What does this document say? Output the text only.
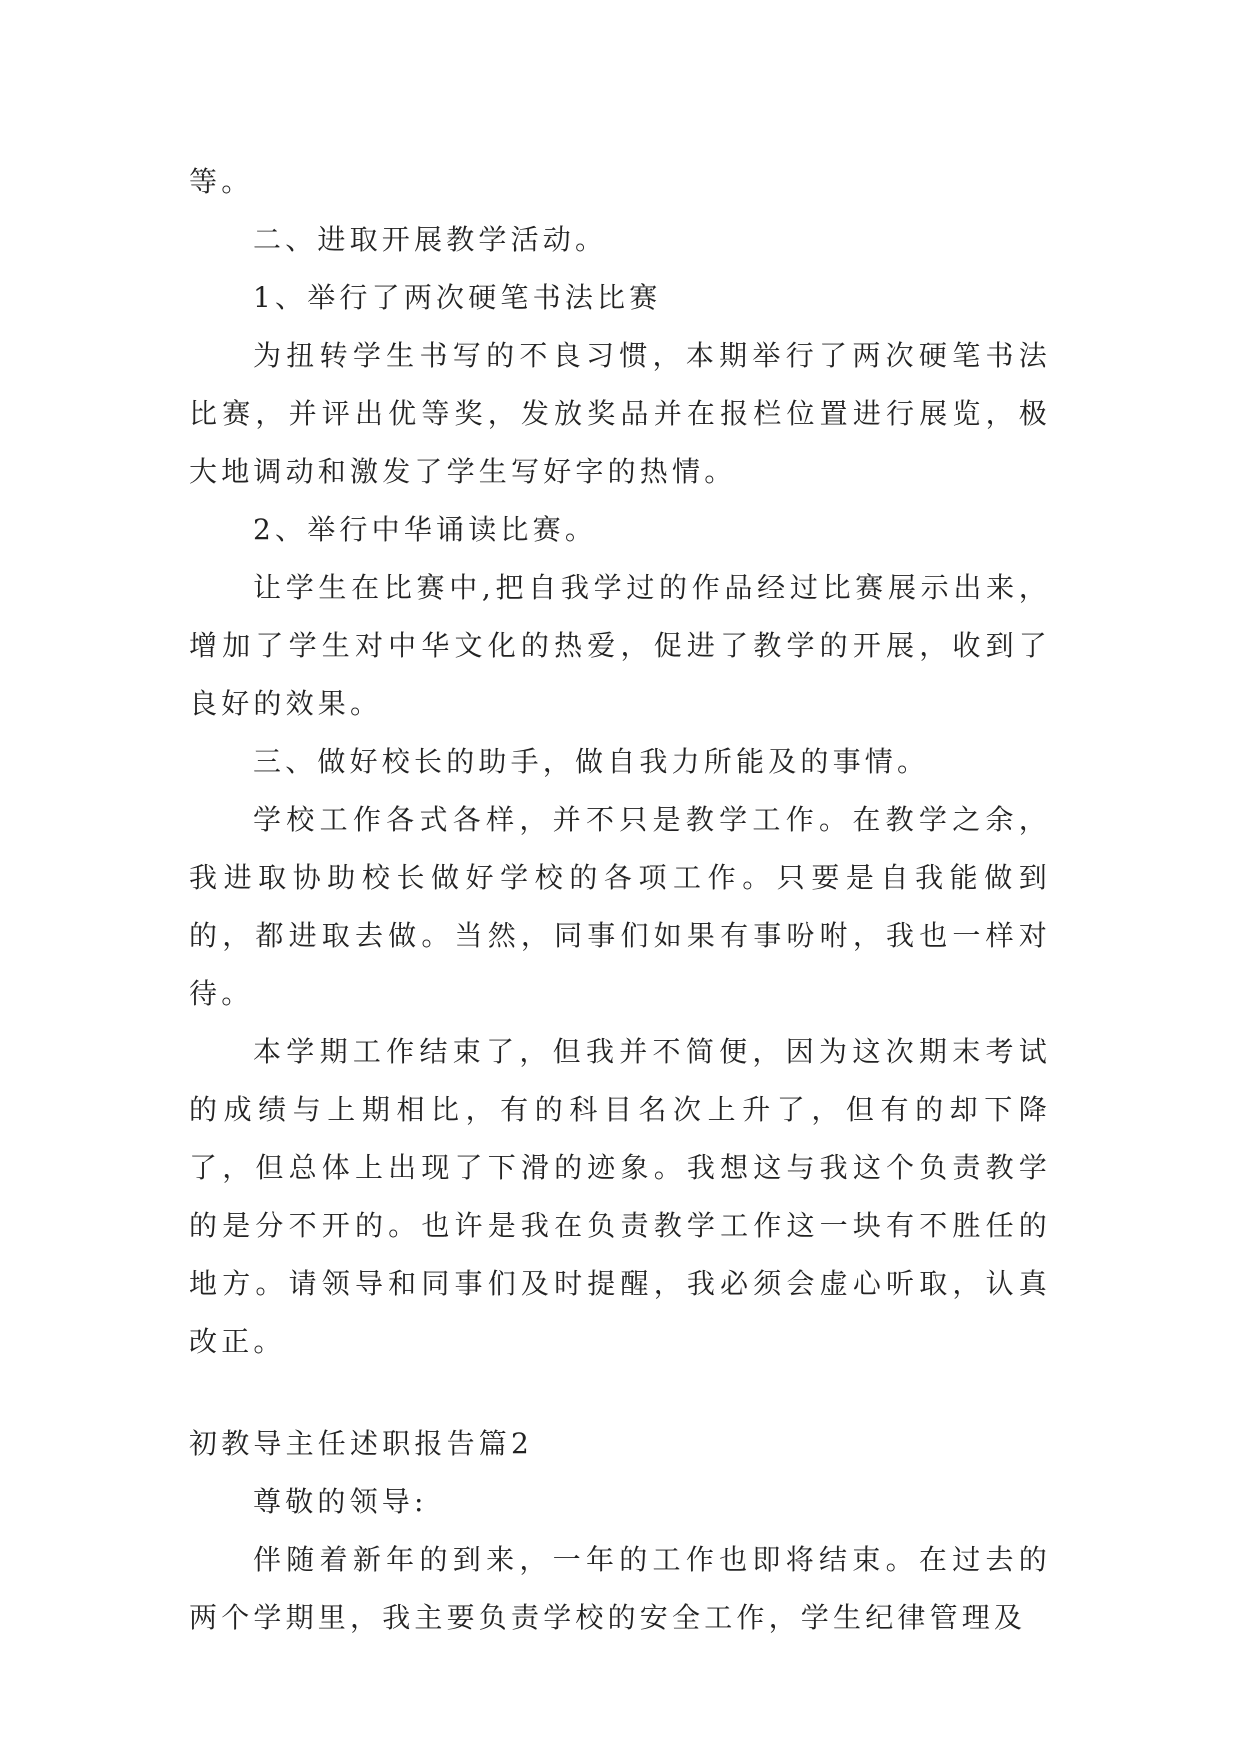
等。

二、进取开展教学活动。

1、举行了两次硬笔书法比赛

为扭转学生书写的不良习惯，本期举行了两次硬笔书法比赛，并评出优等奖，发放奖品并在报栏位置进行展览，极大地调动和激发了学生写好字的热情。

2、举行中华诵读比赛。

让学生在比赛中,把自我学过的作品经过比赛展示出来，增加了学生对中华文化的热爱，促进了教学的开展，收到了良好的效果。

三、做好校长的助手，做自我力所能及的事情。

学校工作各式各样，并不只是教学工作。在教学之余，我进取协助校长做好学校的各项工作。只要是自我能做到的，都进取去做。当然，同事们如果有事吩咐，我也一样对待。

本学期工作结束了，但我并不简便，因为这次期末考试的成绩与上期相比，有的科目名次上升了，但有的却下降了，但总体上出现了下滑的迹象。我想这与我这个负责教学的是分不开的。也许是我在负责教学工作这一块有不胜任的地方。请领导和同事们及时提醒，我必须会虚心听取，认真改正。

初教导主任述职报告篇2

尊敬的领导:

伴随着新年的到来，一年的工作也即将结束。在过去的两个学期里，我主要负责学校的安全工作，学生纪律管理及
